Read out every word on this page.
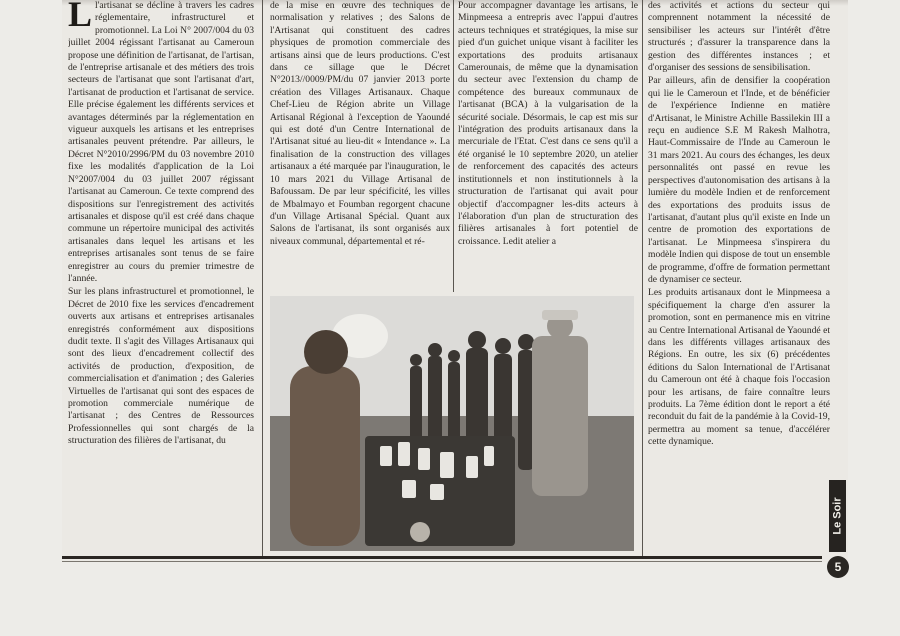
L l'artisanat se décline à travers les cadres réglementaire, infrastructurel et promotionnel. La Loi N° 2007/004 du 03 juillet 2004 régissant l'artisanat au Cameroun propose une définition de l'artisanat, de l'artisan, de l'entreprise artisanale et des métiers des trois secteurs de l'artisanat que sont l'artisanat d'art, l'artisanat de production et l'artisanat de service. Elle précise également les différents services et avantages déterminés par la réglementation en vigueur auxquels les artisans et les entreprises artisanales peuvent prétendre. Par ailleurs, le Décret N°2010/2996/PM du 03 novembre 2010 fixe les modalités d'application de la Loi N°2007/004 du 03 juillet 2007 régissant l'artisanat au Cameroun. Ce texte comprend des dispositions sur l'enregistrement des activités artisanales et dispose qu'il est créé dans chaque commune un répertoire municipal des activités artisanales dans lequel les artisans et les entreprises artisanales sont tenus de se faire enregistrer au cours du premier trimestre de l'année.

Sur les plans infrastructurel et promotionnel, le Décret de 2010 fixe les services d'encadrement ouverts aux artisans et entreprises artisanales enregistrés conformément aux dispositions dudit texte. Il s'agit des Villages Artisanaux qui sont des lieux d'encadrement collectif des activités de production, d'exposition, de commercialisation et d'animation ; des Galeries Virtuelles de l'artisanat qui sont des espaces de promotion commerciale numérique de l'artisanat ; des Centres de Ressources Professionnelles qui sont chargés de la structuration des filières de l'artisanat, du

de la mise en œuvre des techniques de normalisation y relatives ; des Salons de l'Artisanat qui constituent des cadres physiques de promotion commerciale des artisans ainsi que de leurs productions. C'est dans ce sillage que le Décret N°2013//0009/PM/du 07 janvier 2013 porte création des Villages Artisanaux. Chaque Chef-Lieu de Région abrite un Village Artisanal Régional à l'exception de Yaoundé qui est doté d'un Centre International de l'Artisanat situé au lieu-dit « Intendance ». La finalisation de la construction des villages artisanaux a été marquée par l'inauguration, le 10 mars 2021 du Village Artisanal de Bafoussam. De par leur spécificité, les villes de Mbalmayo et Foumban regorgent chacune d'un Village Artisanal Spécial. Quant aux Salons de l'artisanat, ils sont organisés aux niveaux communal, départemental et ré-

Pour accompagner davantage les artisans, le Minpmeesa a entrepris avec l'appui d'autres acteurs techniques et stratégiques, la mise sur pied d'un guichet unique visant à faciliter les exportations des produits artisanaux Camerounais, de même que la dynamisation du secteur avec l'extension du champ de compétence des bureaux communaux de l'artisanat (BCA) à la vulgarisation de la sécurité sociale. Désormais, le cap est mis sur l'intégration des produits artisanaux dans la mercuriale de l'Etat. C'est dans ce sens qu'il a été organisé le 10 septembre 2020, un atelier de renforcement des capacités des acteurs institutionnels et non institutionnels à la structuration de l'artisanat qui avait pour objectif d'accompagner les-dits acteurs à l'élaboration d'un plan de structuration des filières artisanales à fort potentiel de croissance. Ledit atelier a

des activités et actions du secteur qui comprennent notamment la nécessité de sensibiliser les acteurs sur l'intérêt d'être structurés ; d'assurer la transparence dans la gestion des différentes instances ; et d'organiser des sessions de sensibilisation.

Par ailleurs, afin de densifier la coopération qui lie le Cameroun et l'Inde, et de bénéficier de l'expérience Indienne en matière d'Artisanat, le Ministre Achille Bassilekin III a reçu en audience S.E M Rakesh Malhotra, Haut-Commissaire de l'Inde au Cameroun le 31 mars 2021. Au cours des échanges, les deux personnalités ont passé en revue les perspectives d'autonomisation des artisans à la lumière du modèle Indien et de renforcement des exportations des produits issus de l'artisanat, d'autant plus qu'il existe en Inde un centre de promotion des exportations de l'artisanat. Le Minpmeesa s'inspirera du modèle Indien qui dispose de tout un ensemble de programme, d'offre de formation permettant de dynamiser ce secteur.

Les produits artisanaux dont le Minpmeesa a spécifiquement la charge d'en assurer la promotion, sont en permanence mis en vitrine au Centre International Artisanal de Yaoundé et dans les différents villages artisanaux des Régions. En outre, les six (6) précédentes éditions du Salon International de l'Artisanat du Cameroun ont été à chaque fois l'occasion pour les artisans, de faire connaître leurs produits. La 7ème édition dont le report a été reconduit du fait de la pandémie à la Covid-19, permettra au moment sa tenue, d'accélérer cette dynamique.

Le Soir
5
